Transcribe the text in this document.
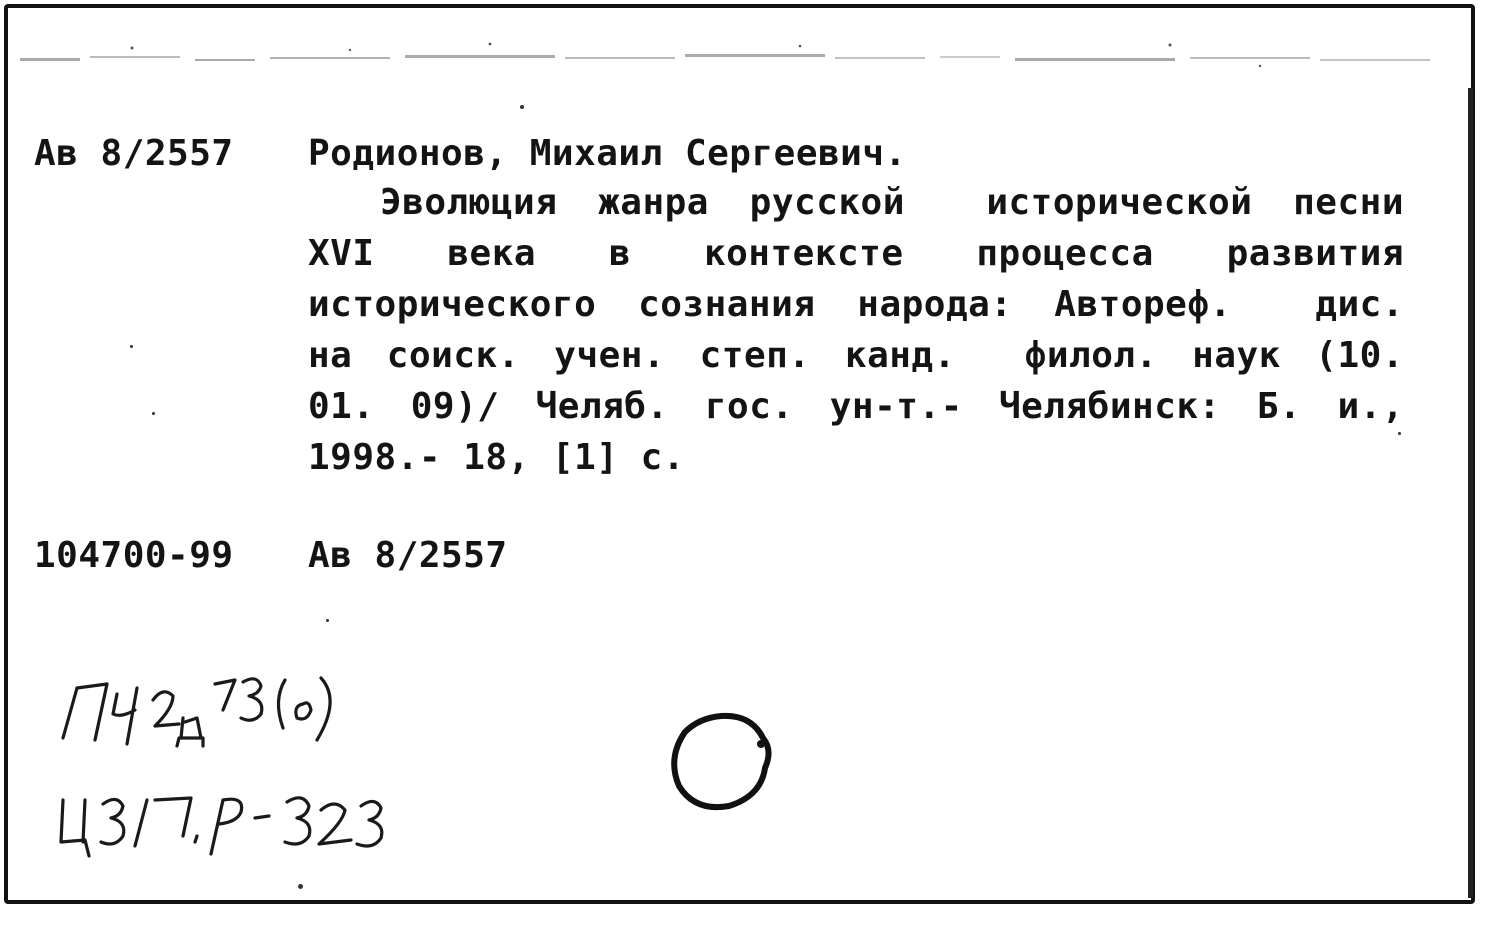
Ав 8/2557 Родионов, Михаил Сергеевич.
Эволюция жанра русской  исторической песни
XVI  века  в  контексте  процесса  развития
исторического сознания народа: Автореф.  дис.
на соиск. учен. степ. канд.  филол. наук (10.
01. 09)/ Челяб. гос. ун-т.- Челябинск: Б. и.,
1998.- 18, [1] с.
104700-99 Ав 8/2557
